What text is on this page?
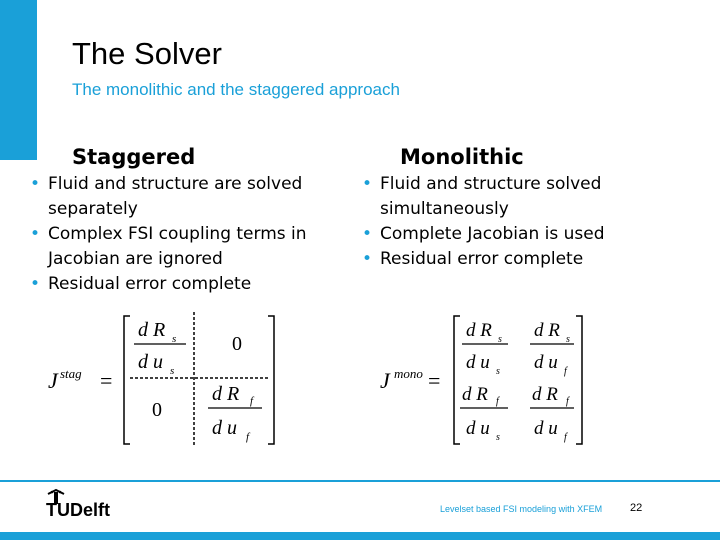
The Solver
The monolithic and the staggered approach
Staggered
• Fluid and structure are solved separately
• Complex FSI coupling terms in Jacobian are ignored
• Residual error complete
Monolithic
• Fluid and structure solved simultaneously
• Complete Jacobian is used
• Residual error complete
J stag =
d R s
d u s
0
0
d R f
d u f
J mono =
d R s
d u s
d R s
d u f
d R f
d u s
d R f
d u f
TUDelft	Levelset based FSI modeling with XFEM	22
